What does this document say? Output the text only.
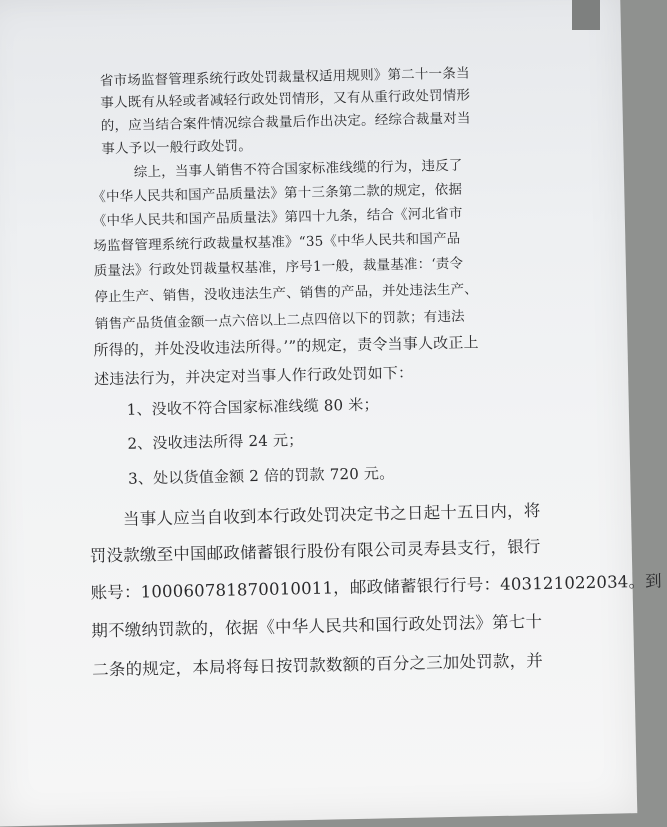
省市场监督管理系统行政处罚裁量权适用规则》第二十一条当
事人既有从轻或者减轻行政处罚情形，又有从重行政处罚情形
的，应当结合案件情况综合裁量后作出决定。经综合裁量对当
事人予以一般行政处罚。
综上，当事人销售不符合国家标准线缆的行为，违反了
《中华人民共和国产品质量法》第十三条第二款的规定，依据
《中华人民共和国产品质量法》第四十九条，结合《河北省市
场监督管理系统行政裁量权基准》“35《中华人民共和国产品
质量法》行政处罚裁量权基准，序号1一般，裁量基准：‘责令
停止生产、销售，没收违法生产、销售的产品，并处违法生产、
销售产品货值金额一点六倍以上二点四倍以下的罚款；有违法
所得的，并处没收违法所得。’”的规定，责令当事人改正上
述违法行为，并决定对当事人作行政处罚如下：
1、没收不符合国家标准线缆 80 米；
2、没收违法所得 24 元；
3、处以货值金额 2 倍的罚款 720 元。
当事人应当自收到本行政处罚决定书之日起十五日内，将
罚没款缴至中国邮政储蓄银行股份有限公司灵寿县支行，银行
账号：100060781870010011，邮政储蓄银行行号：403121022034。到
期不缴纳罚款的，依据《中华人民共和国行政处罚法》第七十
二条的规定，本局将每日按罚款数额的百分之三加处罚款，并
